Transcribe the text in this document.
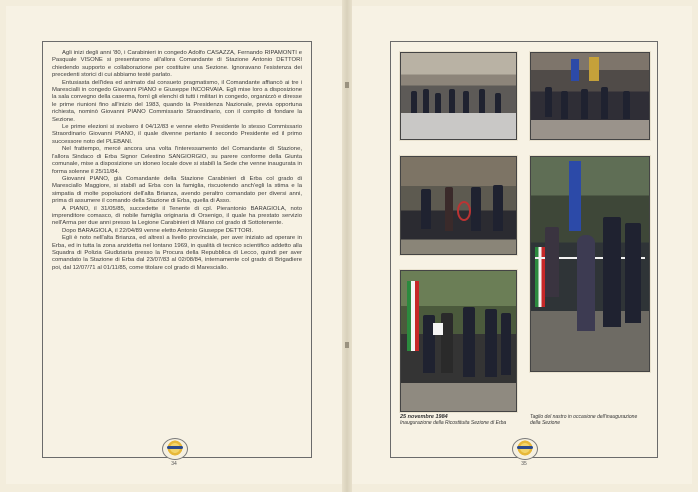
Agli inizi degli anni '80, i Carabinieri in congedo Adolfo CASAZZA, Fernando RIPAMONTI e Pasquale VISONE si presentarono all'allora Comandante di Stazione Antonio DETTORI chiedendo supporto e collaborazione per costituire una Sezione. Ignoravano l'esistenza dei precedenti storici di cui abbiamo testé parlato.

Entusiasta dell'idea ed animato dal consueto pragmatismo, il Comandante affiancò ai tre i Marescialli in congedo Giovanni PIANO e Giuseppe INCORVAIA. Egli mise loro a disposizione la sala convegno della caserma, fornì gli elenchi di tutti i militari in congedo, organizzò e diresse le prime riunioni fino all'inizio del 1983, quando la Presidenza Nazionale, previa opportuna richiesta, nominò Giovanni PIANO Commissario Straordinario, con il compito di fondare la Sezione.

Le prime elezioni si svolsero il 04/12/83 e venne eletto Presidente lo stesso Commissario Straordinario Giovanni PIANO, il quale divenne pertanto il secondo Presidente ed il primo successore noto del PLEBANI.

Nel frattempo, mercé ancora una volta l'interessamento del Comandante di Stazione, l'allora Sindaco di Erba Signor Celestino SANGIORGIO, su parere conforme della Giunta comunale, mise a disposizione un idoneo locale dove si stabilì la Sede che venne inaugurata in forma solenne il 25/11/84.

Giovanni PIANO, già Comandante della Stazione Carabinieri di Erba col grado di Maresciallo Maggiore, si stabilì ad Erba con la famiglia, riscuotendo anch'egli la stima e la simpatia di molte popolazioni dell'alta Brianza, avendo peraltro comandato per diversi anni, prima di assumere il comando della Stazione di Erba, quella di Asso.

A PIANO, il 31/05/85, succedette il Tenente di cpl. Pierantonio BARAGIOLA, noto imprenditore comasco, di nobile famiglia originaria di Orsenigo, il quale ha prestato servizio nell'Arma per due anni presso la Legione Carabinieri di Milano col grado di Sottotenente.

Dopo BARAGIOLA, il 22/04/89 venne eletto Antonio Giuseppe DETTORI.

Egli è noto nell'alta Brianza, ed altresì a livello provinciale, per aver iniziato ad operare in Erba, ed in tutta la zona anzidetta nel lontano 1969, in qualità di tecnico scientifico addetto alla Squadra di Polizia Giudiziaria presso la Procura della Repubblica di Lecco, quindi per aver comandato la Stazione di Erba dal 23/07/83 al 02/08/84, internamente col grado di Brigadiere poi, dal 12/07/71 al 01/11/85, come titolare col grado di Maresciallo.

34
25 novembre 1984
Inaugurazione della Ricostituita Sezione di Erba
Taglio del nastro in occasione dell'inaugurazione della Sezione
35
